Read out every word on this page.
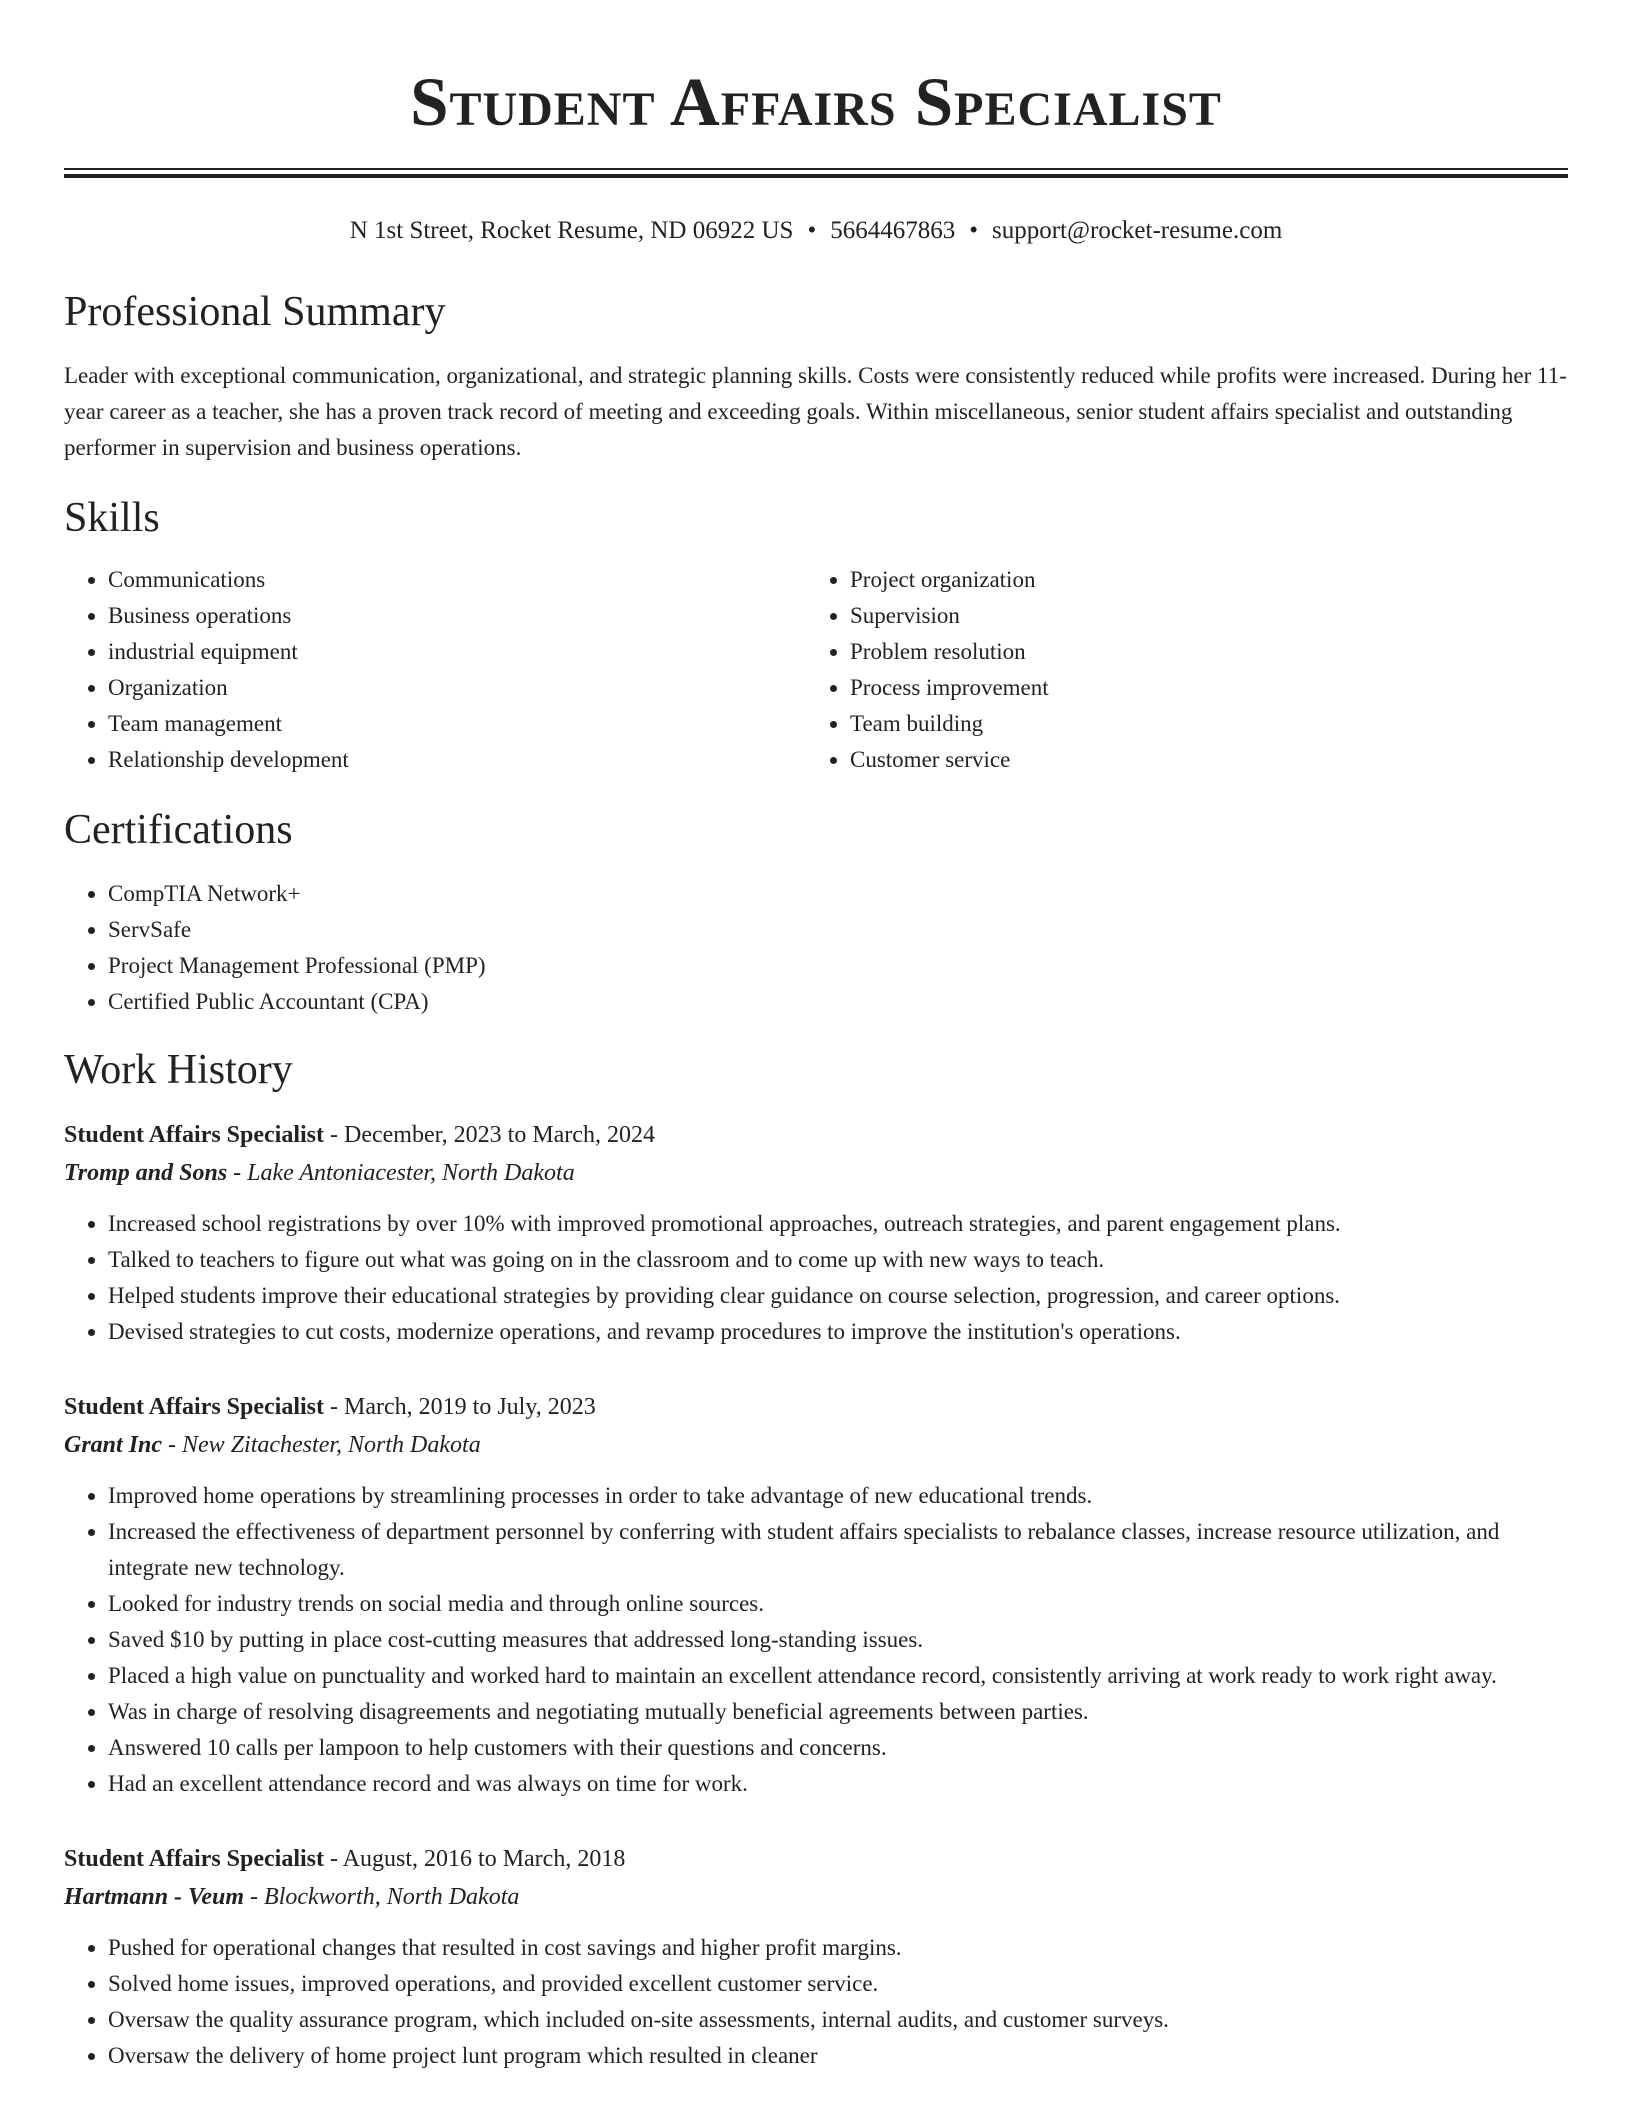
Student Affairs Specialist
N 1st Street, Rocket Resume, ND 06922 US • 5664467863 • support@rocket-resume.com
Professional Summary
Leader with exceptional communication, organizational, and strategic planning skills. Costs were consistently reduced while profits were increased. During her 11-year career as a teacher, she has a proven track record of meeting and exceeding goals. Within miscellaneous, senior student affairs specialist and outstanding performer in supervision and business operations.
Skills
• Communications
• Business operations
• industrial equipment
• Organization
• Team management
• Relationship development
• Project organization
• Supervision
• Problem resolution
• Process improvement
• Team building
• Customer service
Certifications
• CompTIA Network+
• ServSafe
• Project Management Professional (PMP)
• Certified Public Accountant (CPA)
Work History
Student Affairs Specialist - December, 2023 to March, 2024
Tromp and Sons - Lake Antoniacester, North Dakota
• Increased school registrations by over 10% with improved promotional approaches, outreach strategies, and parent engagement plans.
• Talked to teachers to figure out what was going on in the classroom and to come up with new ways to teach.
• Helped students improve their educational strategies by providing clear guidance on course selection, progression, and career options.
• Devised strategies to cut costs, modernize operations, and revamp procedures to improve the institution's operations.
Student Affairs Specialist - March, 2019 to July, 2023
Grant Inc - New Zitachester, North Dakota
• Improved home operations by streamlining processes in order to take advantage of new educational trends.
• Increased the effectiveness of department personnel by conferring with student affairs specialists to rebalance classes, increase resource utilization, and integrate new technology.
• Looked for industry trends on social media and through online sources.
• Saved $10 by putting in place cost-cutting measures that addressed long-standing issues.
• Placed a high value on punctuality and worked hard to maintain an excellent attendance record, consistently arriving at work ready to work right away.
• Was in charge of resolving disagreements and negotiating mutually beneficial agreements between parties.
• Answered 10 calls per lampoon to help customers with their questions and concerns.
• Had an excellent attendance record and was always on time for work.
Student Affairs Specialist - August, 2016 to March, 2018
Hartmann - Veum - Blockworth, North Dakota
• Pushed for operational changes that resulted in cost savings and higher profit margins.
• Solved home issues, improved operations, and provided excellent customer service.
• Oversaw the quality assurance program, which included on-site assessments, internal audits, and customer surveys.
• Oversaw the delivery of home project lunt program which resulted in cleaner
